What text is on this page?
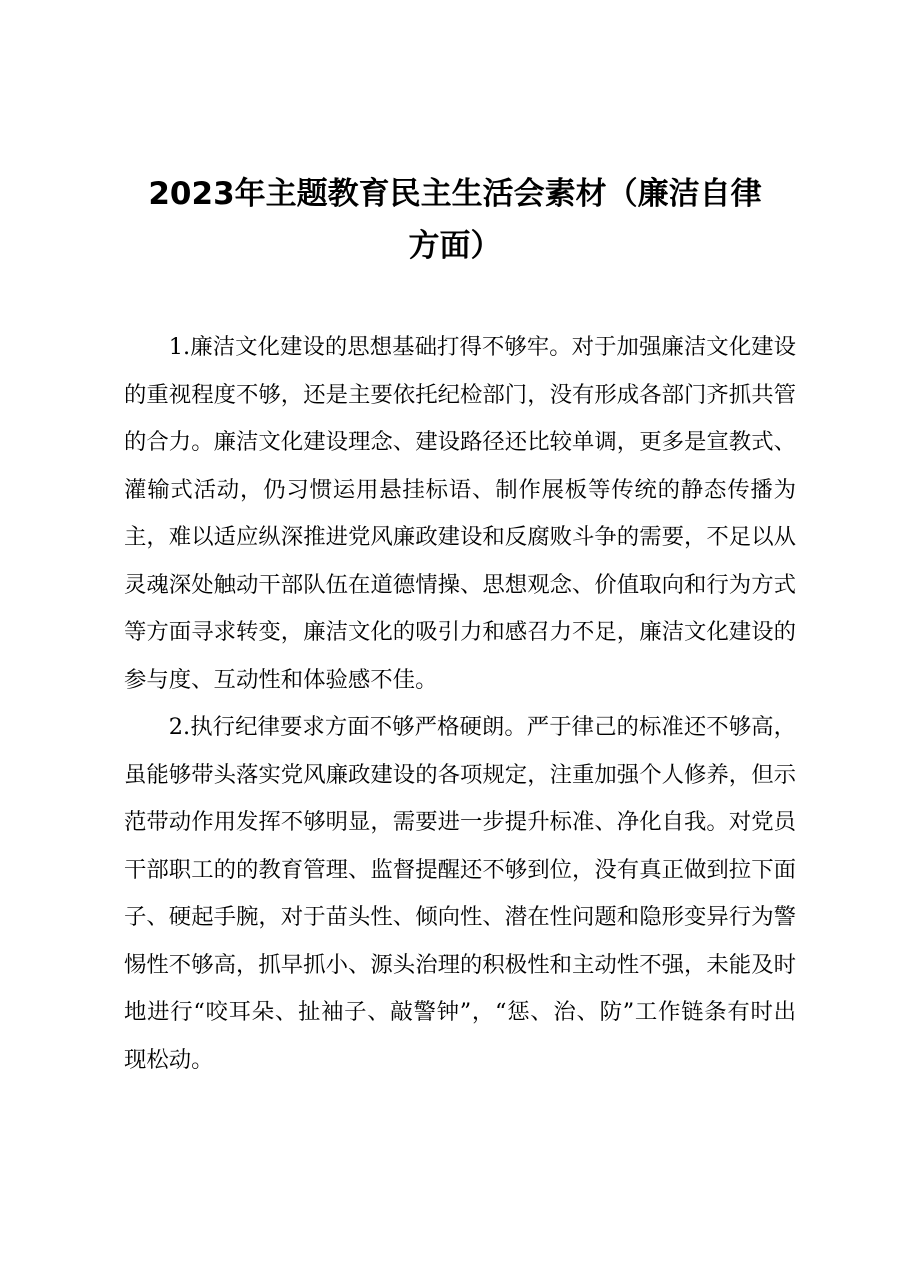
2023年主题教育民主生活会素材（廉洁自律
方面）

1.廉洁文化建设的思想基础打得不够牢。对于加强廉洁文化建设的重视程度不够，还是主要依托纪检部门，没有形成各部门齐抓共管的合力。廉洁文化建设理念、建设路径还比较单调，更多是宣教式、灌输式活动，仍习惯运用悬挂标语、制作展板等传统的静态传播为主，难以适应纵深推进党风廉政建设和反腐败斗争的需要，不足以从灵魂深处触动干部队伍在道德情操、思想观念、价值取向和行为方式等方面寻求转变，廉洁文化的吸引力和感召力不足，廉洁文化建设的参与度、互动性和体验感不佳。

2.执行纪律要求方面不够严格硬朗。严于律己的标准还不够高，虽能够带头落实党风廉政建设的各项规定，注重加强个人修养，但示范带动作用发挥不够明显，需要进一步提升标准、净化自我。对党员干部职工的的教育管理、监督提醒还不够到位，没有真正做到拉下面子、硬起手腕，对于苗头性、倾向性、潜在性问题和隐形变异行为警惕性不够高，抓早抓小、源头治理的积极性和主动性不强，未能及时地进行“咬耳朵、扯袖子、敲警钟”，“惩、治、防”工作链条有时出现松动。
